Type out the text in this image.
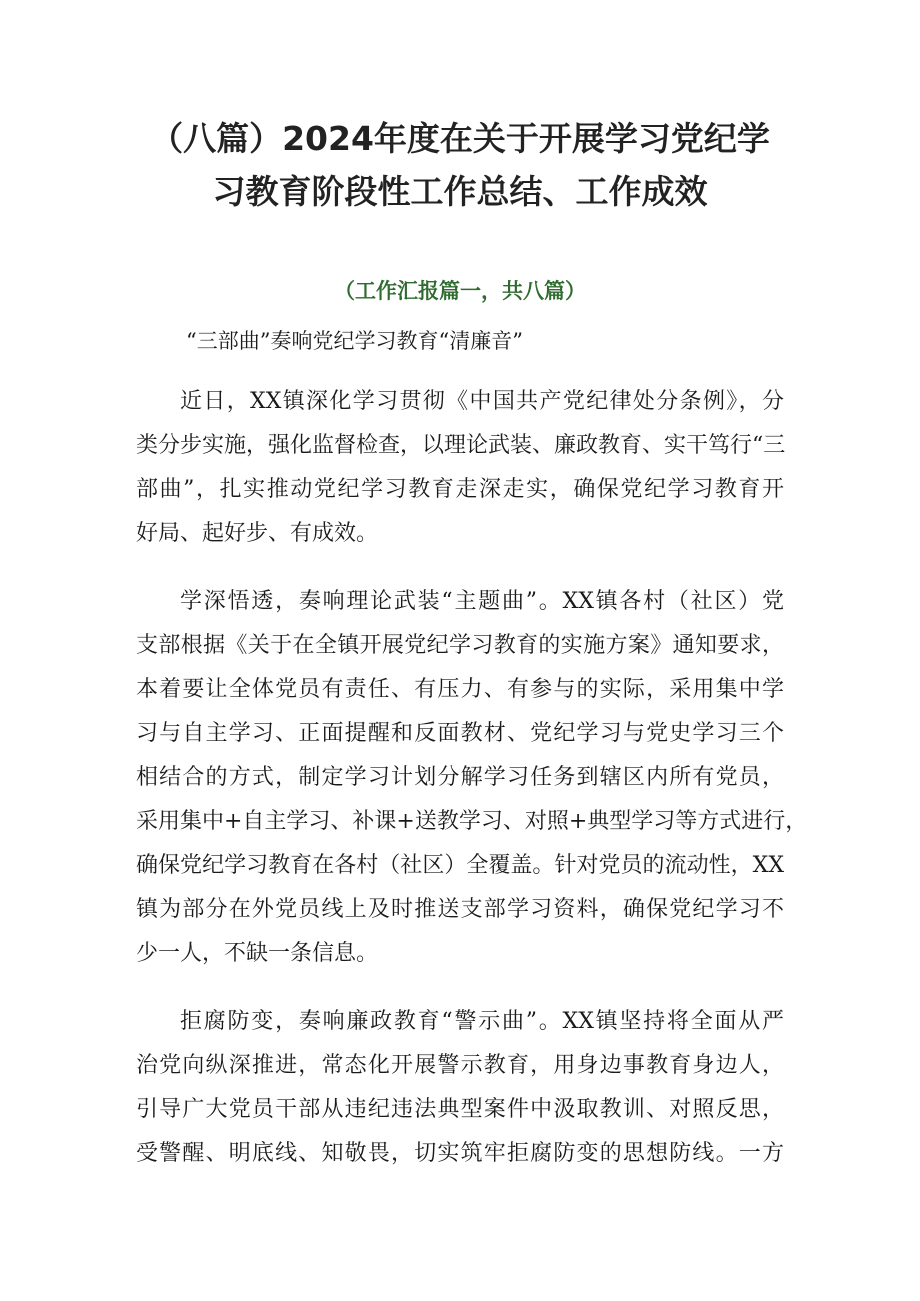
（八篇）2024年度在关于开展学习党纪学
习教育阶段性工作总结、工作成效
（工作汇报篇一，共八篇）
“三部曲”奏响党纪学习教育“清廉音”
近日，XX镇深化学习贯彻《中国共产党纪律处分条例》，分
类分步实施，强化监督检查，以理论武装、廉政教育、实干笃行“三
部曲”，扎实推动党纪学习教育走深走实，确保党纪学习教育开
好局、起好步、有成效。
学深悟透，奏响理论武装“主题曲”。XX镇各村（社区）党
支部根据《关于在全镇开展党纪学习教育的实施方案》通知要求，
本着要让全体党员有责任、有压力、有参与的实际，采用集中学
习与自主学习、正面提醒和反面教材、党纪学习与党史学习三个
相结合的方式，制定学习计划分解学习任务到辖区内所有党员，
采用集中+自主学习、补课+送教学习、对照+典型学习等方式进行，
确保党纪学习教育在各村（社区）全覆盖。针对党员的流动性，XX
镇为部分在外党员线上及时推送支部学习资料，确保党纪学习不
少一人，不缺一条信息。
拒腐防变，奏响廉政教育“警示曲”。XX镇坚持将全面从严
治党向纵深推进，常态化开展警示教育，用身边事教育身边人，
引导广大党员干部从违纪违法典型案件中汲取教训、对照反思，
受警醒、明底线、知敬畏，切实筑牢拒腐防变的思想防线。一方
